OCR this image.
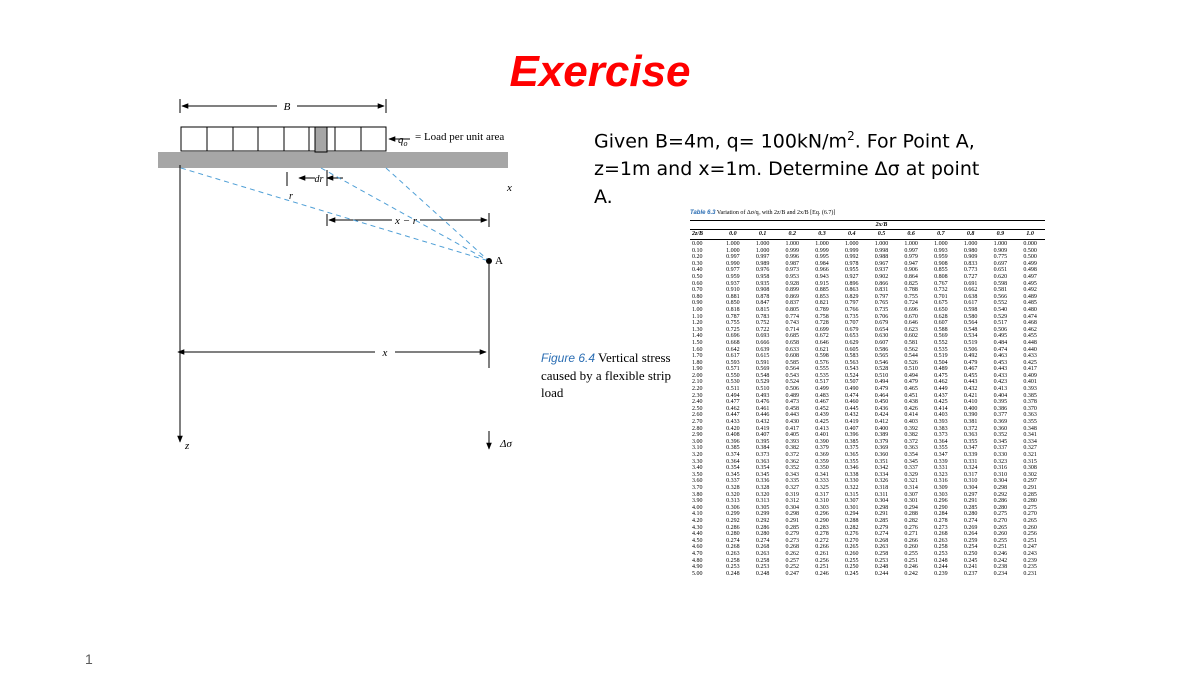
Exercise
Given B=4m, $q= 100kN/m^2$. For Point A,
z=1m and x=1m. Determine Δσ at point
A.
B
$q_o$
x
dr
r
x − r
x
z
A
Δσ
= Load per unit area
Figure 6.4 Vertical stress caused by a flexible strip load
Table 6.3 Variation of Δσ/qₒ with 2z/B and 2x/B [Eq. (6.7)]
	2x/B										
2z/B	0.0	0.1	0.2	0.3	0.4	0.5	0.6	0.7	0.8	0.9	1.0
0.00	1.000	1.000	1.000	1.000	1.000	1.000	1.000	1.000	1.000	1.000	0.000
0.10	1.000	1.000	0.999	0.999	0.999	0.998	0.997	0.993	0.980	0.909	0.500
0.20	0.997	0.997	0.996	0.995	0.992	0.988	0.979	0.959	0.909	0.775	0.500
0.30	0.990	0.989	0.987	0.984	0.978	0.967	0.947	0.908	0.833	0.697	0.499
0.40	0.977	0.976	0.973	0.966	0.955	0.937	0.906	0.855	0.773	0.651	0.498
0.50	0.959	0.958	0.953	0.943	0.927	0.902	0.864	0.808	0.727	0.620	0.497
0.60	0.937	0.935	0.928	0.915	0.896	0.866	0.825	0.767	0.691	0.598	0.495
0.70	0.910	0.908	0.899	0.885	0.863	0.831	0.788	0.732	0.662	0.581	0.492
0.80	0.881	0.878	0.869	0.853	0.829	0.797	0.755	0.701	0.638	0.566	0.489
0.90	0.850	0.847	0.837	0.821	0.797	0.765	0.724	0.675	0.617	0.552	0.485
1.00	0.818	0.815	0.805	0.789	0.766	0.735	0.696	0.650	0.598	0.540	0.480
1.10	0.787	0.783	0.774	0.758	0.735	0.706	0.670	0.628	0.580	0.529	0.474
1.20	0.755	0.752	0.743	0.728	0.707	0.679	0.646	0.607	0.564	0.517	0.468
1.30	0.725	0.722	0.714	0.699	0.679	0.654	0.623	0.588	0.548	0.506	0.462
1.40	0.696	0.693	0.685	0.672	0.653	0.630	0.602	0.569	0.534	0.495	0.455
1.50	0.668	0.666	0.658	0.646	0.629	0.607	0.581	0.552	0.519	0.484	0.448
1.60	0.642	0.639	0.633	0.621	0.605	0.586	0.562	0.535	0.506	0.474	0.440
1.70	0.617	0.615	0.608	0.598	0.583	0.565	0.544	0.519	0.492	0.463	0.433
1.80	0.593	0.591	0.585	0.576	0.563	0.546	0.526	0.504	0.479	0.453	0.425
1.90	0.571	0.569	0.564	0.555	0.543	0.528	0.510	0.489	0.467	0.443	0.417
2.00	0.550	0.548	0.543	0.535	0.524	0.510	0.494	0.475	0.455	0.433	0.409
2.10	0.530	0.529	0.524	0.517	0.507	0.494	0.479	0.462	0.443	0.423	0.401
2.20	0.511	0.510	0.506	0.499	0.490	0.479	0.465	0.449	0.432	0.413	0.393
2.30	0.494	0.493	0.489	0.483	0.474	0.464	0.451	0.437	0.421	0.404	0.385
2.40	0.477	0.476	0.473	0.467	0.460	0.450	0.438	0.425	0.410	0.395	0.378
2.50	0.462	0.461	0.458	0.452	0.445	0.436	0.426	0.414	0.400	0.386	0.370
2.60	0.447	0.446	0.443	0.439	0.432	0.424	0.414	0.403	0.390	0.377	0.363
2.70	0.433	0.432	0.430	0.425	0.419	0.412	0.403	0.393	0.381	0.369	0.355
2.80	0.420	0.419	0.417	0.413	0.407	0.400	0.392	0.383	0.372	0.360	0.348
2.90	0.408	0.407	0.405	0.401	0.396	0.389	0.382	0.373	0.363	0.352	0.341
3.00	0.396	0.395	0.393	0.390	0.385	0.379	0.372	0.364	0.355	0.345	0.334
3.10	0.385	0.384	0.382	0.379	0.375	0.369	0.363	0.355	0.347	0.337	0.327
3.20	0.374	0.373	0.372	0.369	0.365	0.360	0.354	0.347	0.339	0.330	0.321
3.30	0.364	0.363	0.362	0.359	0.355	0.351	0.345	0.339	0.331	0.323	0.315
3.40	0.354	0.354	0.352	0.350	0.346	0.342	0.337	0.331	0.324	0.316	0.308
3.50	0.345	0.345	0.343	0.341	0.338	0.334	0.329	0.323	0.317	0.310	0.302
3.60	0.337	0.336	0.335	0.333	0.330	0.326	0.321	0.316	0.310	0.304	0.297
3.70	0.328	0.328	0.327	0.325	0.322	0.318	0.314	0.309	0.304	0.298	0.291
3.80	0.320	0.320	0.319	0.317	0.315	0.311	0.307	0.303	0.297	0.292	0.285
3.90	0.313	0.313	0.312	0.310	0.307	0.304	0.301	0.296	0.291	0.286	0.280
4.00	0.306	0.305	0.304	0.303	0.301	0.298	0.294	0.290	0.285	0.280	0.275
4.10	0.299	0.299	0.298	0.296	0.294	0.291	0.288	0.284	0.280	0.275	0.270
4.20	0.292	0.292	0.291	0.290	0.288	0.285	0.282	0.278	0.274	0.270	0.265
4.30	0.286	0.286	0.285	0.283	0.282	0.279	0.276	0.273	0.269	0.265	0.260
4.40	0.280	0.280	0.279	0.278	0.276	0.274	0.271	0.268	0.264	0.260	0.256
4.50	0.274	0.274	0.273	0.272	0.270	0.268	0.266	0.263	0.259	0.255	0.251
4.60	0.268	0.268	0.268	0.266	0.265	0.263	0.260	0.258	0.254	0.251	0.247
4.70	0.263	0.263	0.262	0.261	0.260	0.258	0.255	0.253	0.250	0.246	0.243
4.80	0.258	0.258	0.257	0.256	0.255	0.253	0.251	0.248	0.245	0.242	0.239
4.90	0.253	0.253	0.252	0.251	0.250	0.248	0.246	0.244	0.241	0.238	0.235
5.00	0.248	0.248	0.247	0.246	0.245	0.244	0.242	0.239	0.237	0.234	0.231
1
